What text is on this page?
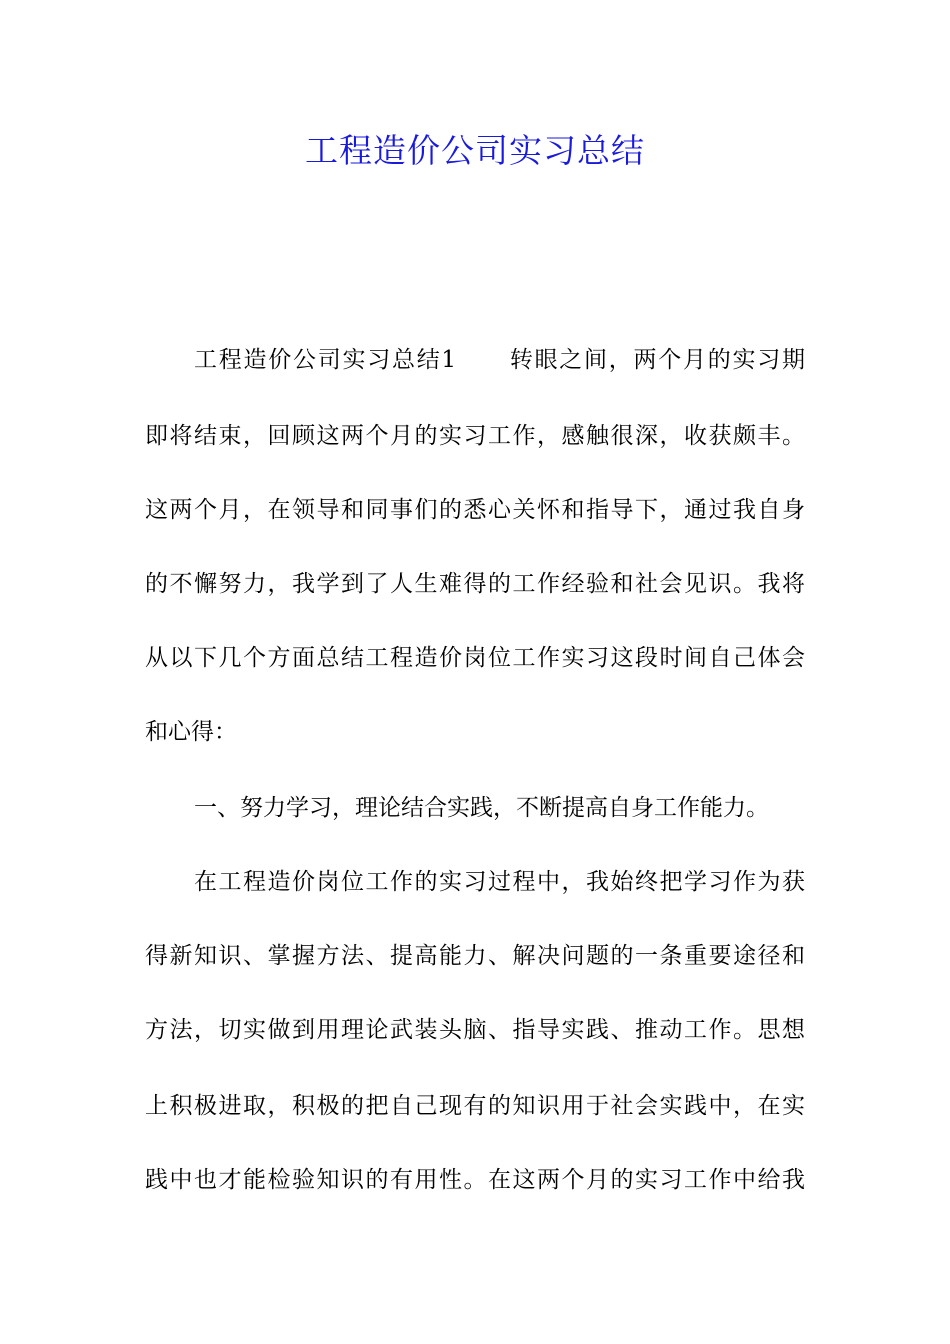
工程造价公司实习总结
工程造价公司实习总结1 转眼之间，两个月的实习期
即将结束，回顾这两个月的实习工作，感触很深，收获颇丰。
这两个月，在领导和同事们的悉心关怀和指导下，通过我自身
的不懈努力，我学到了人生难得的工作经验和社会见识。我将
从以下几个方面总结工程造价岗位工作实习这段时间自己体会
和心得：
一、努力学习，理论结合实践，不断提高自身工作能力。
在工程造价岗位工作的实习过程中，我始终把学习作为获
得新知识、掌握方法、提高能力、解决问题的一条重要途径和
方法，切实做到用理论武装头脑、指导实践、推动工作。思想
上积极进取，积极的把自己现有的知识用于社会实践中，在实
践中也才能检验知识的有用性。在这两个月的实习工作中给我
